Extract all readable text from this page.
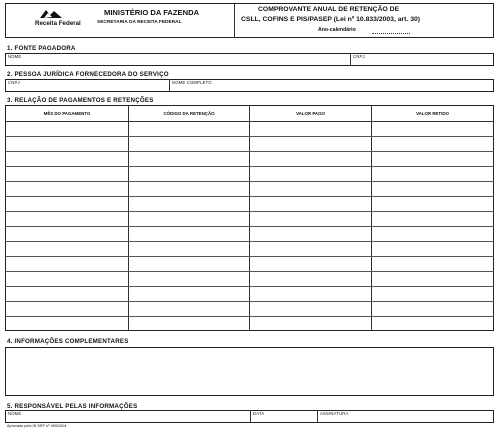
Receita Federal
MINISTÉRIO DA FAZENDA
SECRETARIA DA RECEITA FEDERAL
COMPROVANTE ANUAL DE RETENÇÃO DE
CSLL, COFINS E PIS/PASEP (Lei nº 10.833/2003, art. 30)
Ano-calendário
1. FONTE PAGADORA
NOME	CNPJ
2. PESSOA JURÍDICA FORNECEDORA DO SERVIÇO
CNPJ	NOME COMPLETO
3. RELAÇÃO DE PAGAMENTOS E RETENÇÕES
MÊS DO PAGAMENTO	CÓDIGO DA RETENÇÃO	VALOR PAGO	VALOR RETIDO
4. INFORMAÇÕES COMPLEMENTARES
5. RESPONSÁVEL PELAS INFORMAÇÕES
NOME	DATA	ASSINATURA
Aprovado pela IN SRF nº 459/2004
